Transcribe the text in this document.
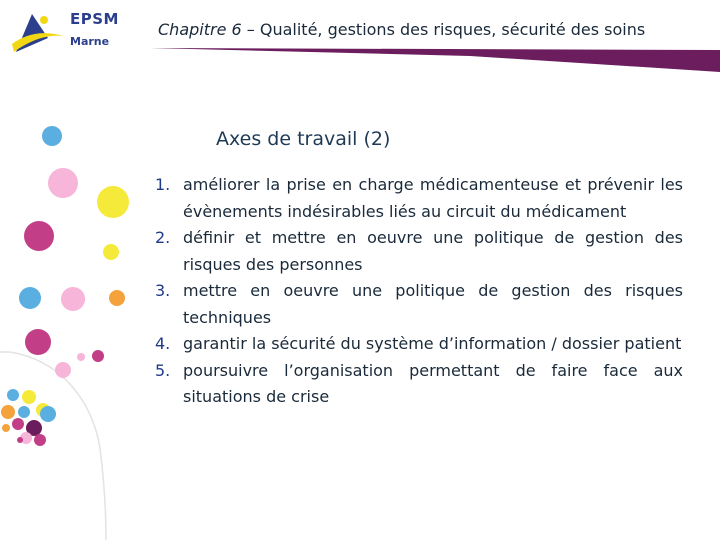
EPSM
Marne
Chapitre 6 – Qualité, gestions des risques, sécurité des soins
Axes de travail (2)
1. améliorer la prise en charge médicamenteuse et prévenir les évènements indésirables liés au circuit du médicament
2. définir et mettre en oeuvre une politique de gestion des risques des personnes
3. mettre en oeuvre une politique de gestion des risques techniques
4. garantir la sécurité du système d’information / dossier patient
5. poursuivre l’organisation permettant de faire face aux situations de crise
